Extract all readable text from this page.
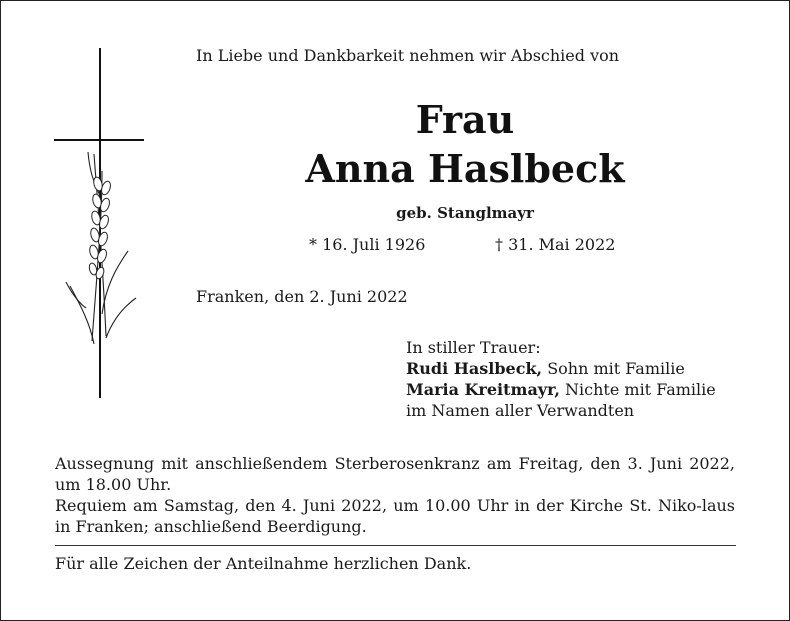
In Liebe und Dankbarkeit nehmen wir Abschied von
Frau
Anna Haslbeck
geb. Stanglmayr
* 16. Juli 1926	† 31. Mai 2022
Franken, den 2. Juni 2022
In stiller Trauer:
Rudi Haslbeck, Sohn mit Familie
Maria Kreitmayr, Nichte mit Familie
im Namen aller Verwandten

Aussegnung mit anschließendem Sterberosenkranz am Freitag, den 3. Juni 2022, um 18.00 Uhr.

Requiem am Samstag, den 4. Juni 2022, um 10.00 Uhr in der Kirche St. Niko-laus in Franken; anschließend Beerdigung.

Für alle Zeichen der Anteilnahme herzlichen Dank.
